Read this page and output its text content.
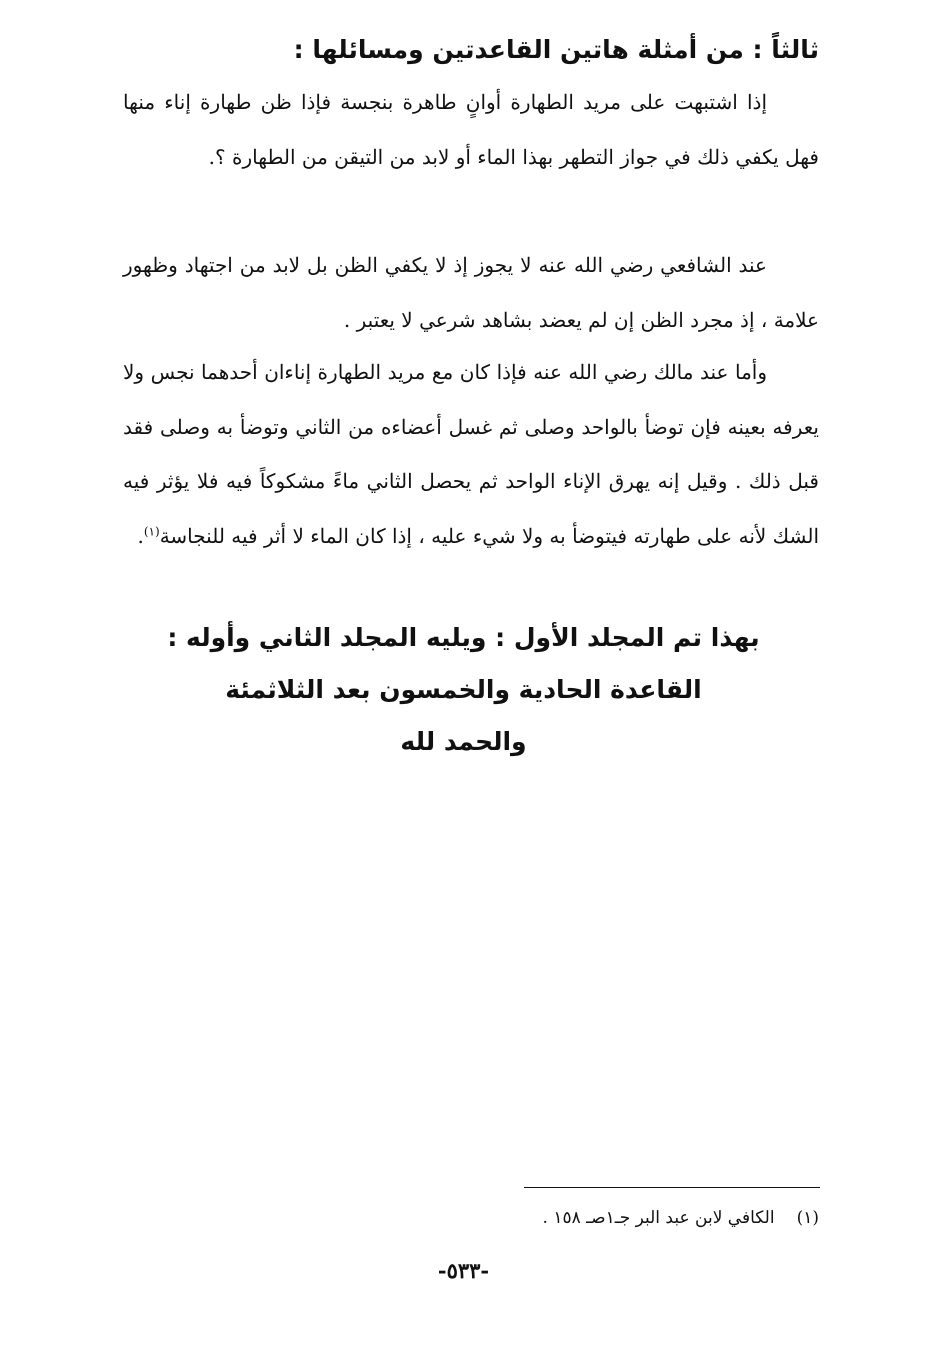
ثالثاً : من أمثلة هاتين القاعدتين ومسائلها :
إذا اشتبهت على مريد الطهارة أوانٍ طاهرة بنجسة فإذا ظن طهارة إناء منها فهل يكفي ذلك في جواز التطهر بهذا الماء أو لابد من التيقن من الطهارة ؟.
عند الشافعي رضي الله عنه لا يجوز إذ لا يكفي الظن بل لابد من اجتهاد وظهور علامة ، إذ مجرد الظن إن لم يعضد بشاهد شرعي لا يعتبر .
وأما عند مالك رضي الله عنه فإذا كان مع مريد الطهارة إناءان أحدهما نجس ولا يعرفه بعينه فإن توضأ بالواحد وصلى ثم غسل أعضاءه من الثاني وتوضأ به وصلى فقد قبل ذلك . وقيل إنه يهرق الإناء الواحد ثم يحصل الثاني ماءً مشكوكاً فيه فلا يؤثر فيه الشك لأنه على طهارته فيتوضأ به ولا شيء عليه ، إذا كان الماء لا أثر فيه للنجاسة$^{(١)}$.
بهذا تم المجلد الأول : ويليه المجلد الثاني وأوله :
القاعدة الحادية والخمسون بعد الثلاثمئة
والحمد لله
(١)الكافي لابن عبد البر جـ١صـ ١٥٨ .
-٥٣٣-
